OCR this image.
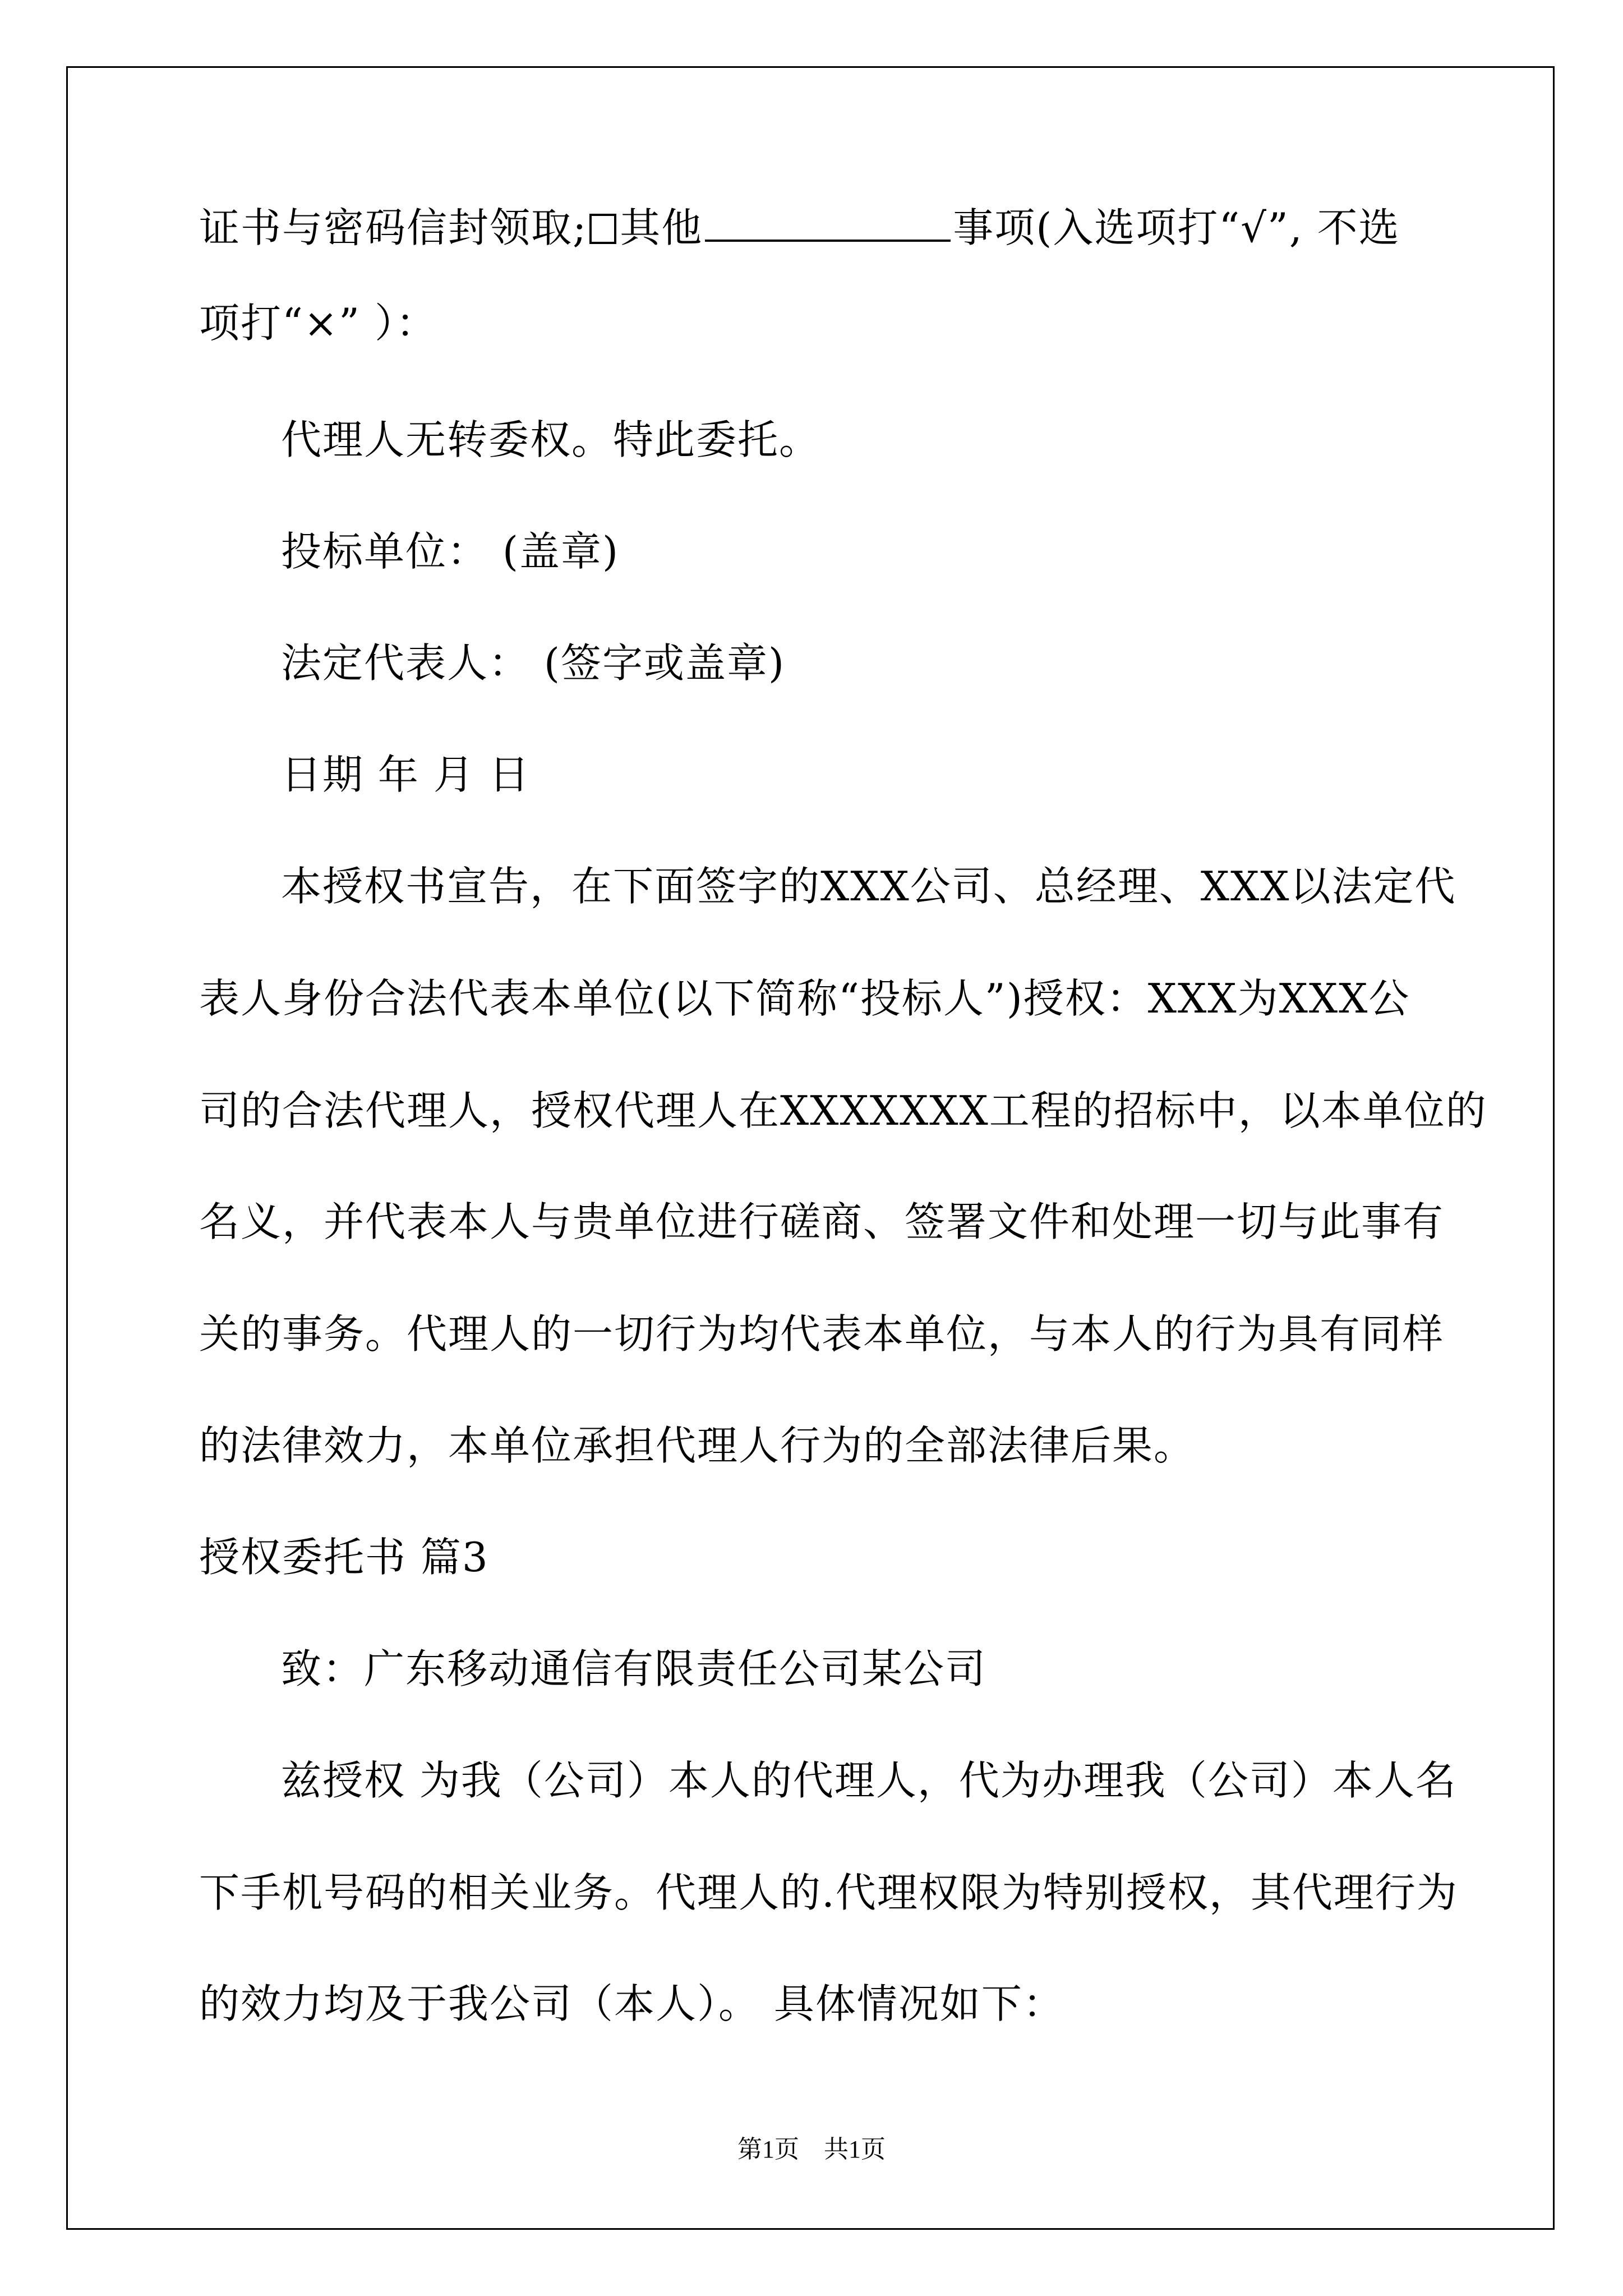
证书与密码信封领取; 其他	事项(入选项打“√”, 不选
项打“×” ）：
代理人无转委权。特此委托。
投标单位： (盖章)
法定代表人： (签字或盖章)
日期 年 月 日
本授权书宣告，在下面签字的XXX公司、总经理、XXX以法定代
表人身份合法代表本单位(以下简称“投标人”)授权：XXX为XXX公
司的合法代理人，授权代理人在XXXXXXX工程的招标中，以本单位的
名义，并代表本人与贵单位进行磋商、签署文件和处理一切与此事有
关的事务。代理人的一切行为均代表本单位，与本人的行为具有同样
的法律效力，本单位承担代理人行为的全部法律后果。
授权委托书 篇3
致：广东移动通信有限责任公司某公司
兹授权 为我（公司）本人的代理人，代为办理我（公司）本人名
下手机号码的相关业务。代理人的.代理权限为特别授权，其代理行为
的效力均及于我公司（本人）。 具体情况如下：
第1页　共1页
